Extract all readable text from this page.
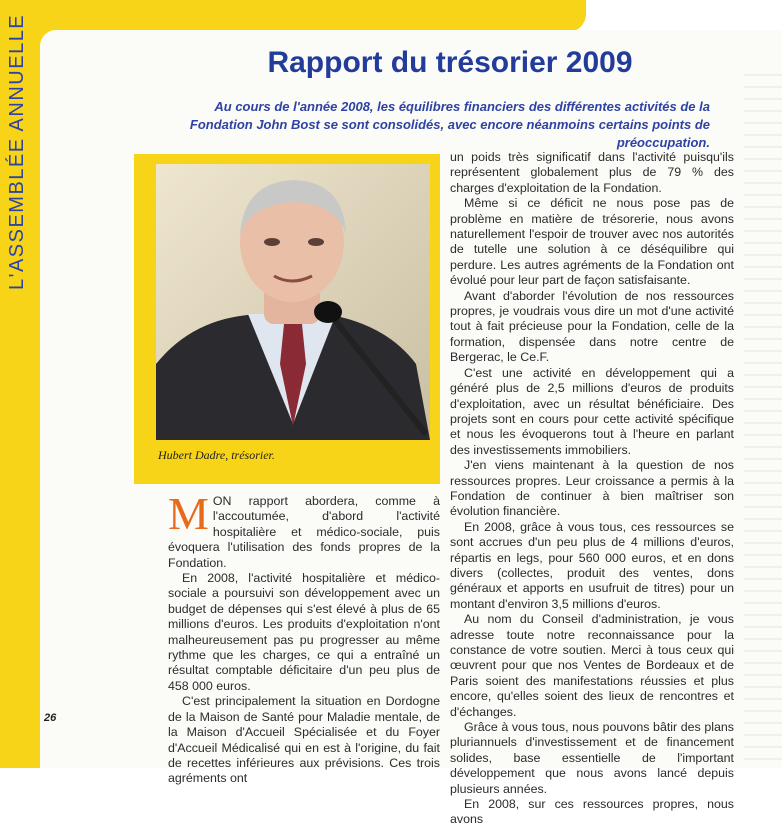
L'ASSEMBLÉE ANNUELLE	Rapport du trésorier 2009
Au cours de l'année 2008, les équilibres financiers des différentes activités de la Fondation John Bost se sont consolidés, avec encore néanmoins certains points de préoccupation.
Hubert Dadre, trésorier.

MON rapport abordera, comme à l'accoutumée, d'abord l'activité hospitalière et médico-sociale, puis évoquera l'utilisation des fonds propres de la Fondation.

En 2008, l'activité hospitalière et médico-sociale a poursuivi son développement avec un budget de dépenses qui s'est élevé à plus de 65 millions d'euros. Les produits d'exploitation n'ont malheureusement pas pu progresser au même rythme que les charges, ce qui a entraîné un résultat comptable déficitaire d'un peu plus de 458 000 euros.

C'est principalement la situation en Dordogne de la Maison de Santé pour Maladie mentale, de la Maison d'Accueil Spécialisée et du Foyer d'Accueil Médicalisé qui en est à l'origine, du fait de recettes inférieures aux prévisions. Ces trois agréments ont

un poids très significatif dans l'activité puisqu'ils représentent globalement plus de 79 % des charges d'exploitation de la Fondation.

Même si ce déficit ne nous pose pas de problème en matière de trésorerie, nous avons naturellement l'espoir de trouver avec nos autorités de tutelle une solution à ce déséquilibre qui perdure. Les autres agréments de la Fondation ont évolué pour leur part de façon satisfaisante.

Avant d'aborder l'évolution de nos ressources propres, je voudrais vous dire un mot d'une activité tout à fait précieuse pour la Fondation, celle de la formation, dispensée dans notre centre de Bergerac, le Ce.F.

C'est une activité en développement qui a généré plus de 2,5 millions d'euros de produits d'exploitation, avec un résultat bénéficiaire. Des projets sont en cours pour cette activité spécifique et nous les évoquerons tout à l'heure en parlant des investissements immobiliers.

J'en viens maintenant à la question de nos ressources propres. Leur croissance a permis à la Fondation de continuer à bien maîtriser son évolution financière.

En 2008, grâce à vous tous, ces ressources se sont accrues d'un peu plus de 4 millions d'euros, répartis en legs, pour 560 000 euros, et en dons divers (collectes, produit des ventes, dons généraux et apports en usufruit de titres) pour un montant d'environ 3,5 millions d'euros.

Au nom du Conseil d'administration, je vous adresse toute notre reconnaissance pour la constance de votre soutien. Merci à tous ceux qui œuvrent pour que nos Ventes de Bordeaux et de Paris soient des manifestations réussies et plus encore, qu'elles soient des lieux de rencontres et d'échanges.

Grâce à vous tous, nous pouvons bâtir des plans pluriannuels d'investissement et de financement solides, base essentielle de l'important développement que nous avons lancé depuis plusieurs années.

En 2008, sur ces ressources propres, nous avons

26
